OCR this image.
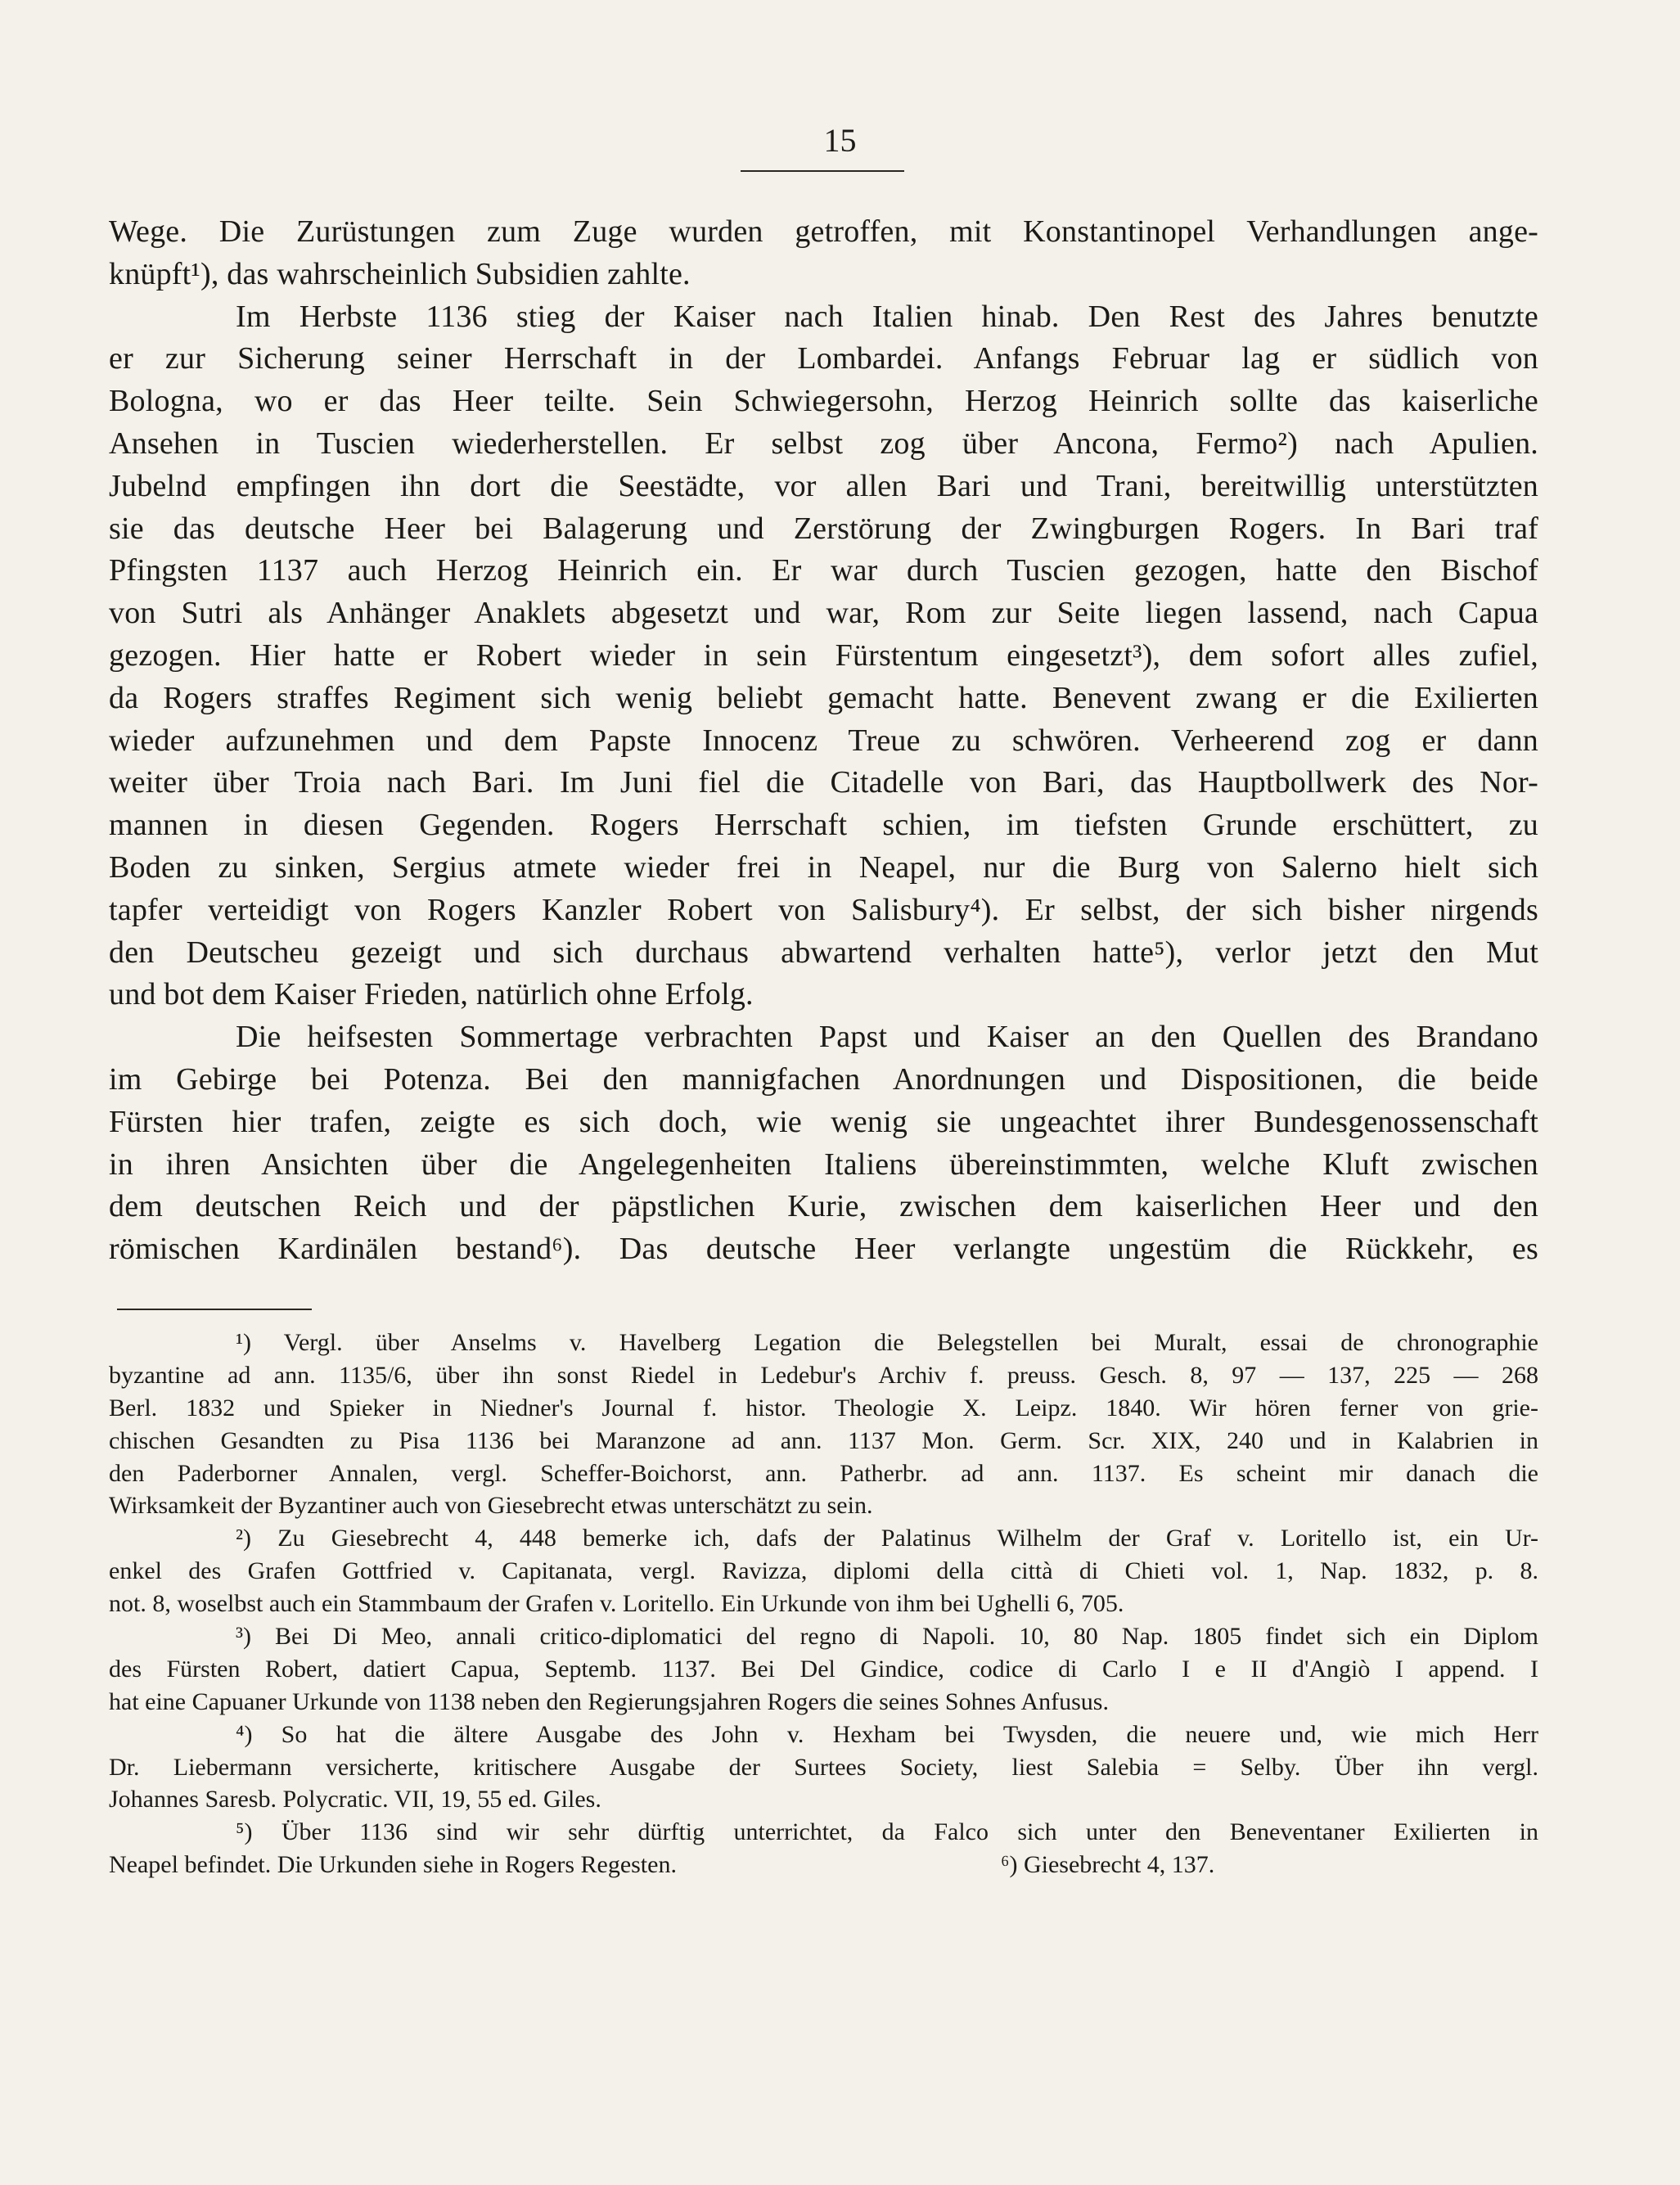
15
Wege. Die Zurüstungen zum Zuge wurden getroffen, mit Konstantinopel Verhandlungen ange-
knüpft¹), das wahrscheinlich Subsidien zahlte.
Im Herbste 1136 stieg der Kaiser nach Italien hinab. Den Rest des Jahres benutzte
er zur Sicherung seiner Herrschaft in der Lombardei. Anfangs Februar lag er südlich von
Bologna, wo er das Heer teilte. Sein Schwiegersohn, Herzog Heinrich sollte das kaiserliche
Ansehen in Tuscien wiederherstellen. Er selbst zog über Ancona, Fermo²) nach Apulien.
Jubelnd empfingen ihn dort die Seestädte, vor allen Bari und Trani, bereitwillig unterstützten
sie das deutsche Heer bei Balagerung und Zerstörung der Zwingburgen Rogers. In Bari traf
Pfingsten 1137 auch Herzog Heinrich ein. Er war durch Tuscien gezogen, hatte den Bischof
von Sutri als Anhänger Anaklets abgesetzt und war, Rom zur Seite liegen lassend, nach Capua
gezogen. Hier hatte er Robert wieder in sein Fürstentum eingesetzt³), dem sofort alles zufiel,
da Rogers straffes Regiment sich wenig beliebt gemacht hatte. Benevent zwang er die Exilierten
wieder aufzunehmen und dem Papste Innocenz Treue zu schwören. Verheerend zog er dann
weiter über Troia nach Bari. Im Juni fiel die Citadelle von Bari, das Hauptbollwerk des Nor-
mannen in diesen Gegenden. Rogers Herrschaft schien, im tiefsten Grunde erschüttert, zu
Boden zu sinken, Sergius atmete wieder frei in Neapel, nur die Burg von Salerno hielt sich
tapfer verteidigt von Rogers Kanzler Robert von Salisbury⁴). Er selbst, der sich bisher nirgends
den Deutscheu gezeigt und sich durchaus abwartend verhalten hatte⁵), verlor jetzt den Mut
und bot dem Kaiser Frieden, natürlich ohne Erfolg.
Die heifsesten Sommertage verbrachten Papst und Kaiser an den Quellen des Brandano
im Gebirge bei Potenza. Bei den mannigfachen Anordnungen und Dispositionen, die beide
Fürsten hier trafen, zeigte es sich doch, wie wenig sie ungeachtet ihrer Bundesgenossenschaft
in ihren Ansichten über die Angelegenheiten Italiens übereinstimmten, welche Kluft zwischen
dem deutschen Reich und der päpstlichen Kurie, zwischen dem kaiserlichen Heer und den
römischen Kardinälen bestand⁶). Das deutsche Heer verlangte ungestüm die Rückkehr, es
¹) Vergl. über Anselms v. Havelberg Legation die Belegstellen bei Muralt, essai de chronographie
byzantine ad ann. 1135/6, über ihn sonst Riedel in Ledebur's Archiv f. preuss. Gesch. 8, 97 — 137, 225 — 268
Berl. 1832 und Spieker in Niedner's Journal f. histor. Theologie X. Leipz. 1840. Wir hören ferner von grie-
chischen Gesandten zu Pisa 1136 bei Maranzone ad ann. 1137 Mon. Germ. Scr. XIX, 240 und in Kalabrien in
den Paderborner Annalen, vergl. Scheffer-Boichorst, ann. Patherbr. ad ann. 1137. Es scheint mir danach die
Wirksamkeit der Byzantiner auch von Giesebrecht etwas unterschätzt zu sein.
²) Zu Giesebrecht 4, 448 bemerke ich, dafs der Palatinus Wilhelm der Graf v. Loritello ist, ein Ur-
enkel des Grafen Gottfried v. Capitanata, vergl. Ravizza, diplomi della città di Chieti vol. 1, Nap. 1832, p. 8.
not. 8, woselbst auch ein Stammbaum der Grafen v. Loritello. Ein Urkunde von ihm bei Ughelli 6, 705.
³) Bei Di Meo, annali critico-diplomatici del regno di Napoli. 10, 80 Nap. 1805 findet sich ein Diplom
des Fürsten Robert, datiert Capua, Septemb. 1137. Bei Del Gindice, codice di Carlo I e II d'Angiò I append. I
hat eine Capuaner Urkunde von 1138 neben den Regierungsjahren Rogers die seines Sohnes Anfusus.
⁴) So hat die ältere Ausgabe des John v. Hexham bei Twysden, die neuere und, wie mich Herr
Dr. Liebermann versicherte, kritischere Ausgabe der Surtees Society, liest Salebia = Selby. Über ihn vergl.
Johannes Saresb. Polycratic. VII, 19, 55 ed. Giles.
⁵) Über 1136 sind wir sehr dürftig unterrichtet, da Falco sich unter den Beneventaner Exilierten in
Neapel befindet. Die Urkunden siehe in Rogers Regesten.	⁶) Giesebrecht 4, 137.
